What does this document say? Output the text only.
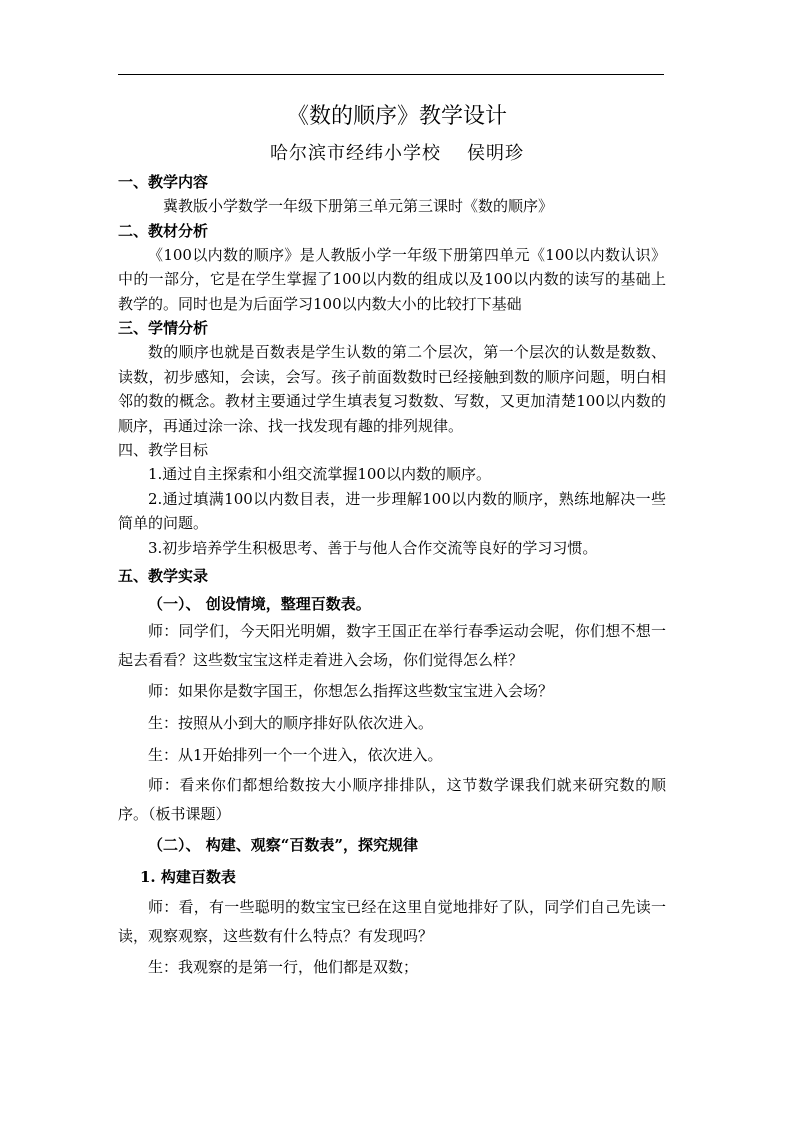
《数的顺序》教学设计
哈尔滨市经纬小学校 侯明珍

一、教学内容

冀教版小学数学一年级下册第三单元第三课时《数的顺序》

二、教材分析

《100以内数的顺序》是人教版小学一年级下册第四单元《100以内数认识》中的一部分，它是在学生掌握了100以内数的组成以及100以内数的读写的基础上教学的。同时也是为后面学习100以内数大小的比较打下基础

三、学情分析

数的顺序也就是百数表是学生认数的第二个层次，第一个层次的认数是数数、读数，初步感知，会读，会写。孩子前面数数时已经接触到数的顺序问题，明白相邻的数的概念。教材主要通过学生填表复习数数、写数，又更加清楚100以内数的顺序，再通过涂一涂、找一找发现有趣的排列规律。

四、教学目标

1.通过自主探索和小组交流掌握100以内数的顺序。

2.通过填满100以内数目表，进一步理解100以内数的顺序，熟练地解决一些简单的问题。

3.初步培养学生积极思考、善于与他人合作交流等良好的学习习惯。

五、教学实录

（一）、 创设情境，整理百数表。

师：同学们，今天阳光明媚，数字王国正在举行春季运动会呢，你们想不想一起去看看？这些数宝宝这样走着进入会场，你们觉得怎么样？

师：如果你是数字国王，你想怎么指挥这些数宝宝进入会场？

生：按照从小到大的顺序排好队依次进入。

生：从1开始排列一个一个进入，依次进入。

师：看来你们都想给数按大小顺序排排队，这节数学课我们就来研究数的顺序。（板书课题）

（二）、 构建、观察“百数表”，探究规律

1. 构建百数表

师：看，有一些聪明的数宝宝已经在这里自觉地排好了队，同学们自己先读一读，观察观察，这些数有什么特点？有发现吗？

生：我观察的是第一行，他们都是双数；
